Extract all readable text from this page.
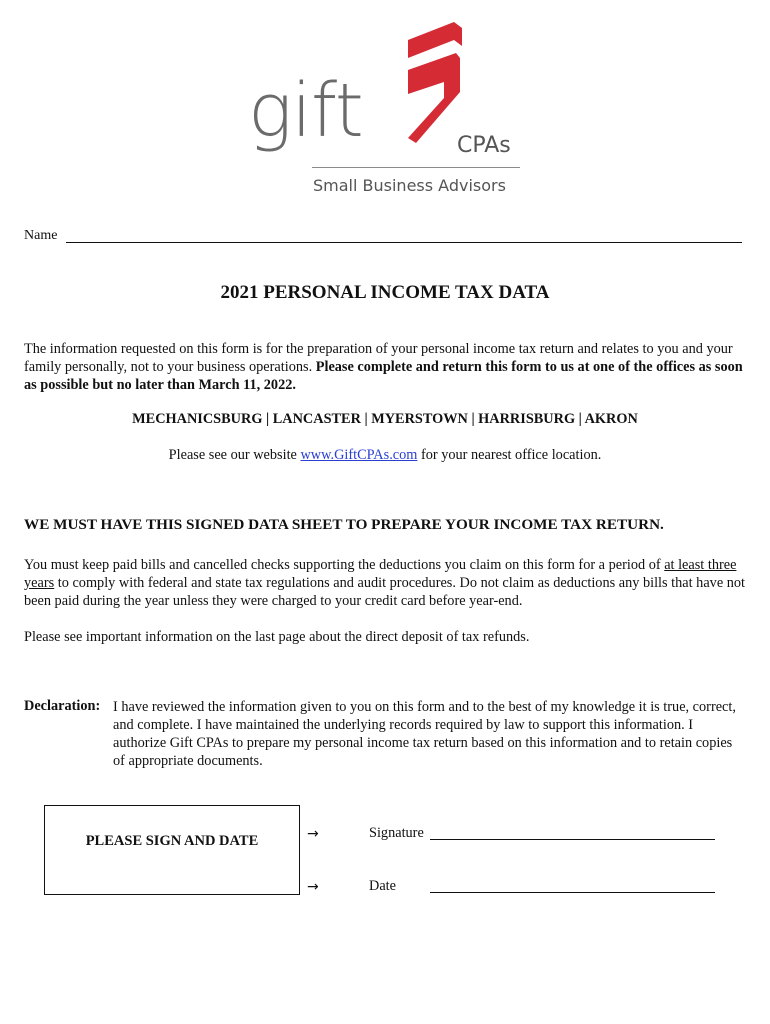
gift	CPAs
Small Business Advisors
Name
2021 PERSONAL INCOME TAX DATA
The information requested on this form is for the preparation of your personal income tax return and relates to you and your family personally, not to your business operations. Please complete and return this form to us at one of the offices as soon as possible but no later than March 11, 2022.
MECHANICSBURG | LANCASTER | MYERSTOWN | HARRISBURG | AKRON
Please see our website www.GiftCPAs.com for your nearest office location.
WE MUST HAVE THIS SIGNED DATA SHEET TO PREPARE YOUR INCOME TAX RETURN.
You must keep paid bills and cancelled checks supporting the deductions you claim on this form for a period of at least three years to comply with federal and state tax regulations and audit procedures. Do not claim as deductions any bills that have not been paid during the year unless they were charged to your credit card before year-end.
Please see important information on the last page about the direct deposit of tax refunds.
Declaration: I have reviewed the information given to you on this form and to the best of my knowledge it is true, correct, and complete. I have maintained the underlying records required by law to support this information. I authorize Gift CPAs to prepare my personal income tax return based on this information and to retain copies of appropriate documents.
PLEASE SIGN AND DATE	→	Signature
→	Date
